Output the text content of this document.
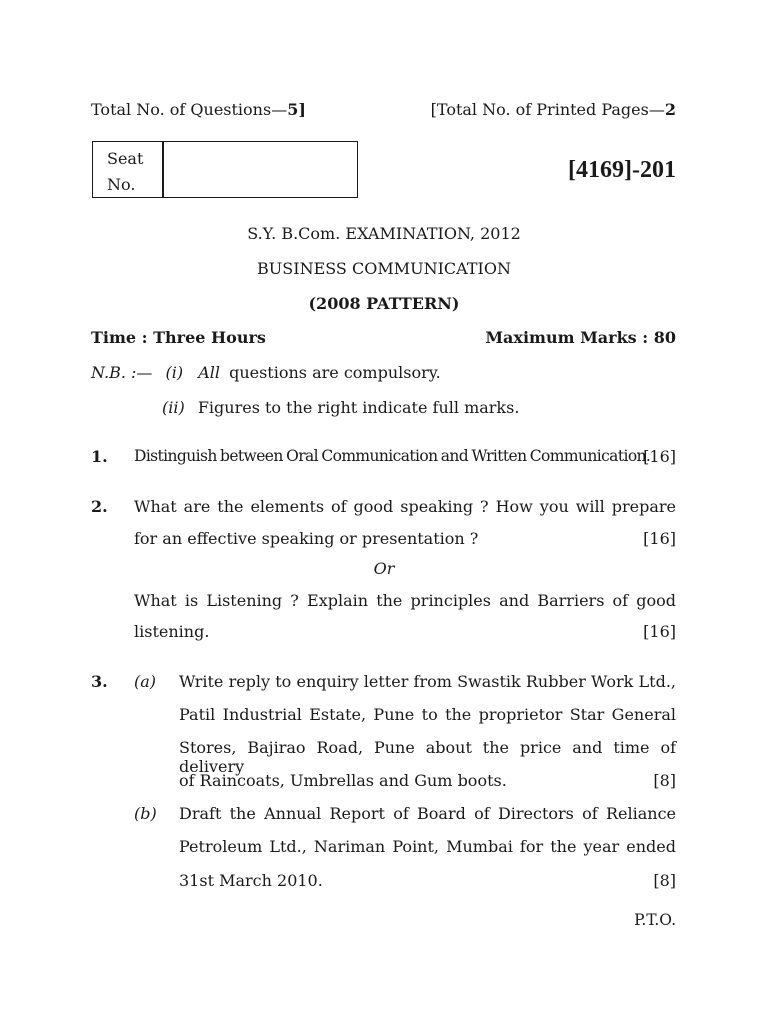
Total No. of Questions—5]	[Total No. of Printed Pages—2
Seat
No.
[4169]-201
S.Y. B.Com. EXAMINATION, 2012
BUSINESS COMMUNICATION
(2008 PATTERN)
Time : Three Hours	Maximum Marks : 80
N.B. :— (i) All questions are compulsory.
(ii) Figures to the right indicate full marks.
1. Distinguish between Oral Communication and Written Communication.
[16]
2. What are the elements of good speaking ? How you will prepare
for an effective speaking or presentation ?	[16]
Or
What is Listening ? Explain the principles and Barriers of good
listening.	[16]
3. (a) Write reply to enquiry letter from Swastik Rubber Work Ltd.,
Patil Industrial Estate, Pune to the proprietor Star General
Stores, Bajirao Road, Pune about the price and time of delivery
of Raincoats, Umbrellas and Gum boots.	[8]
(b) Draft the Annual Report of Board of Directors of Reliance
Petroleum Ltd., Nariman Point, Mumbai for the year ended
31st March 2010.	[8]
P.T.O.
